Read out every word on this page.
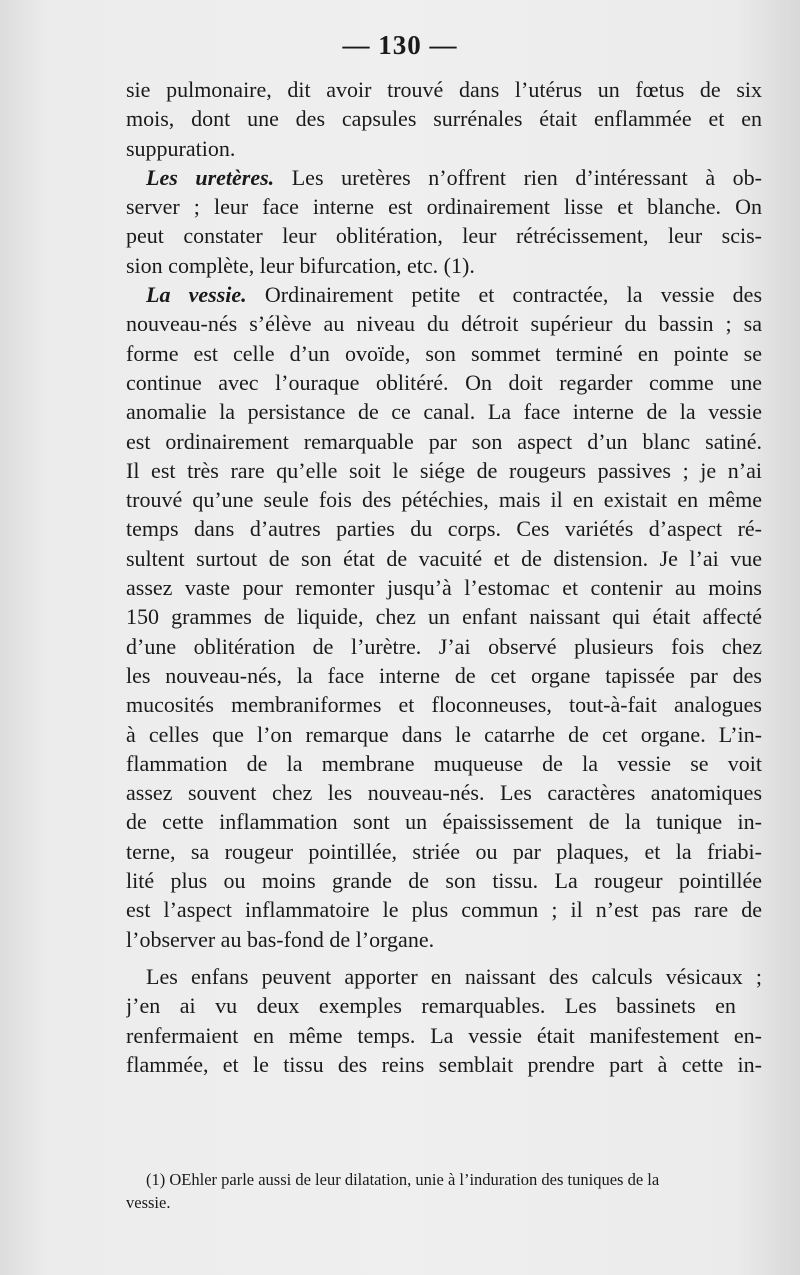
— 130 —
sie pulmonaire, dit avoir trouvé dans l’utérus un fœtus de six
mois, dont une des capsules surrénales était enflammée et en
suppuration.
Les uretères. Les uretères n’offrent rien d’intéressant à ob-
server ; leur face interne est ordinairement lisse et blanche. On
peut constater leur oblitération, leur rétrécissement, leur scis-
sion complète, leur bifurcation, etc. (1).
La vessie. Ordinairement petite et contractée, la vessie des
nouveau-nés s’élève au niveau du détroit supérieur du bassin ; sa
forme est celle d’un ovoïde, son sommet terminé en pointe se
continue avec l’ouraque oblitéré. On doit regarder comme une
anomalie la persistance de ce canal. La face interne de la vessie
est ordinairement remarquable par son aspect d’un blanc satiné.
Il est très rare qu’elle soit le siége de rougeurs passives ; je n’ai
trouvé qu’une seule fois des pétéchies, mais il en existait en même
temps dans d’autres parties du corps. Ces variétés d’aspect ré-
sultent surtout de son état de vacuité et de distension. Je l’ai vue
assez vaste pour remonter jusqu’à l’estomac et contenir au moins
150 grammes de liquide, chez un enfant naissant qui était affecté
d’une oblitération de l’urètre. J’ai observé plusieurs fois chez
les nouveau-nés, la face interne de cet organe tapissée par des
mucosités membraniformes et floconneuses, tout-à-fait analogues
à celles que l’on remarque dans le catarrhe de cet organe. L’in-
flammation de la membrane muqueuse de la vessie se voit
assez souvent chez les nouveau-nés. Les caractères anatomiques
de cette inflammation sont un épaississement de la tunique in-
terne, sa rougeur pointillée, striée ou par plaques, et la friabi-
lité plus ou moins grande de son tissu. La rougeur pointillée
est l’aspect inflammatoire le plus commun ; il n’est pas rare de
l’observer au bas-fond de l’organe.
Les enfans peuvent apporter en naissant des calculs vésicaux ;
j’en ai vu deux exemples remarquables. Les bassinets en
renfermaient en même temps. La vessie était manifestement en-
flammée, et le tissu des reins semblait prendre part à cette in-
(1) OEhler parle aussi de leur dilatation, unie à l’induration des tuniques de la
vessie.
